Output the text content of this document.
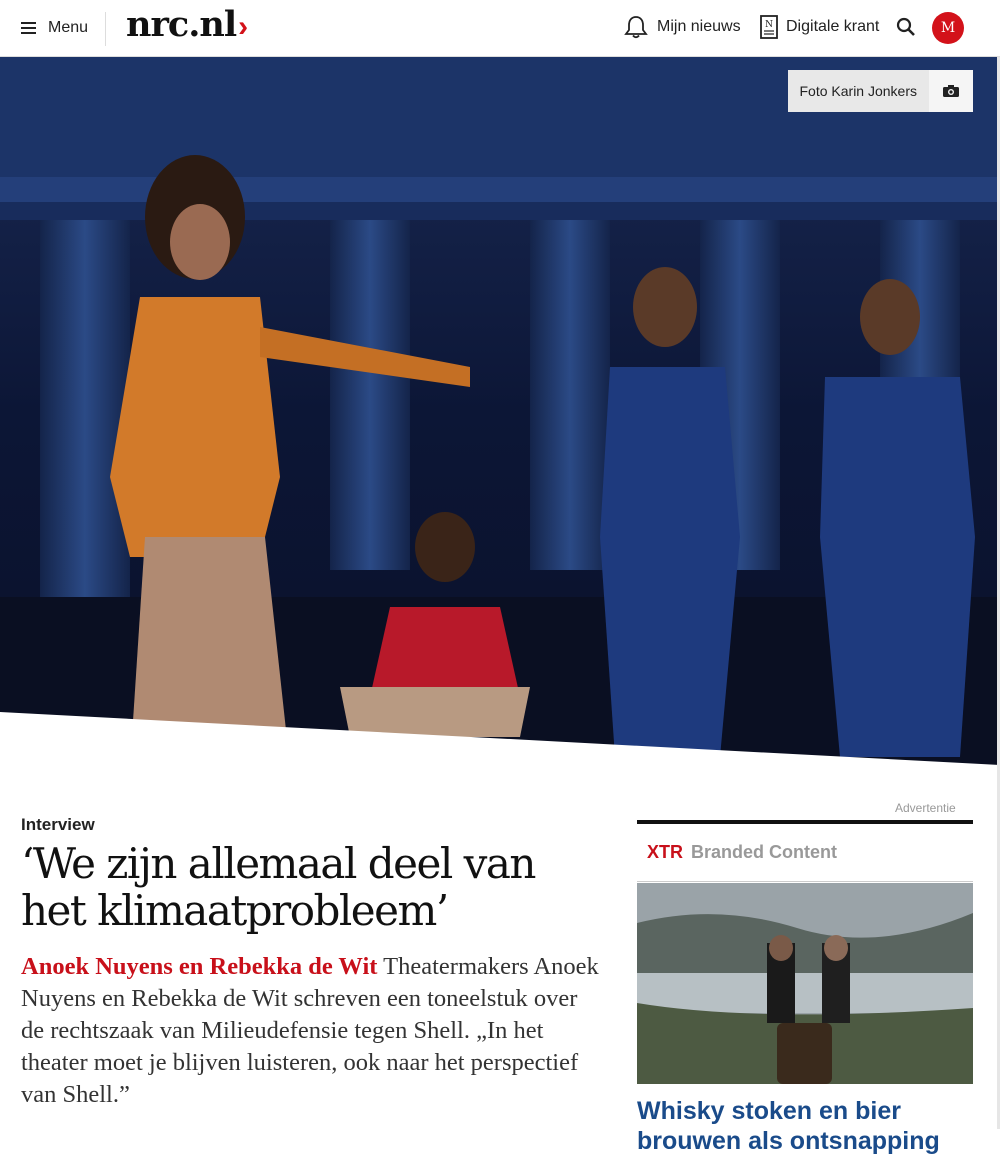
Menu nrc.nl ›	Mijn nieuws	N Digitale krant	M
Foto Karin Jonkers
Interview
‘We zijn allemaal deel van het klimaatprobleem’

Anoek Nuyens en Rebekka de Wit Theatermakers Anoek Nuyens en Rebekka de Wit schreven een toneelstuk over de rechtszaak van Milieudefensie tegen Shell. „In het theater moet je blijven luisteren, ook naar het perspectief van Shell.”

Advertentie
XTR Branded Content
Whisky stoken en bier brouwen als ontsnapping
